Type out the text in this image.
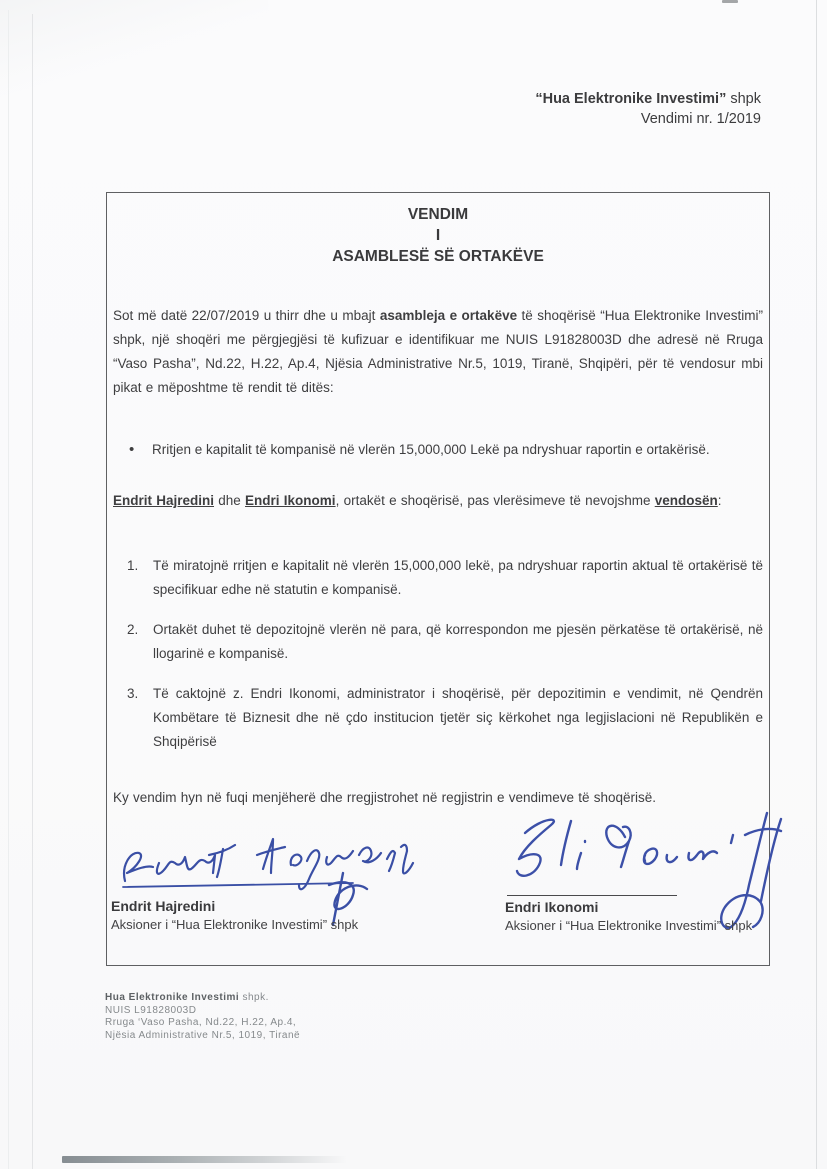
“Hua Elektronike Investimi” shpk
Vendimi nr. 1/2019
VENDIM
I
ASAMBLESË SË ORTAKËVE

Sot më datë 22/07/2019 u thirr dhe u mbajt asambleja e ortakëve të shoqërisë “Hua Elektronike Investimi” shpk, një shoqëri me përgjegjësi të kufizuar e identifikuar me NUIS L91828003D dhe adresë në Rruga “Vaso Pasha”, Nd.22, H.22, Ap.4, Njësia Administrative Nr.5, 1019, Tiranë, Shqipëri, për të vendosur mbi pikat e mëposhtme të rendit të ditës:

• Rritjen e kapitalit të kompanisë në vlerën 15,000,000 Lekë pa ndryshuar raportin e ortakërisë.

Endrit Hajredini dhe Endri Ikonomi, ortakët e shoqërisë, pas vlerësimeve të nevojshme vendosën:

Të miratojnë rritjen e kapitalit në vlerën 15,000,000 lekë, pa ndryshuar raportin aktual të ortakërisë të specifikuar edhe në statutin e kompanisë.
Ortakët duhet të depozitojnë vlerën në para, që korrespondon me pjesën përkatëse të ortakërisë, në llogarinë e kompanisë.
Të caktojnë z. Endri Ikonomi, administrator i shoqërisë, për depozitimin e vendimit, në Qendrën Kombëtare të Biznesit dhe në çdo institucion tjetër siç kërkohet nga legjislacioni në Republikën e Shqipërisë

Ky vendim hyn në fuqi menjëherë dhe rregjistrohet në regjistrin e vendimeve të shoqërisë.

Endrit Hajredini
Aksioner i “Hua Elektronike Investimi” shpk
Endri Ikonomi
Aksioner i “Hua Elektronike Investimi” shpk
Hua Elektronike Investimi shpk.
NUIS L91828003D
Rruga ‘Vaso Pasha, Nd.22, H.22, Ap.4,
Njësia Administrative Nr.5, 1019, Tiranë
